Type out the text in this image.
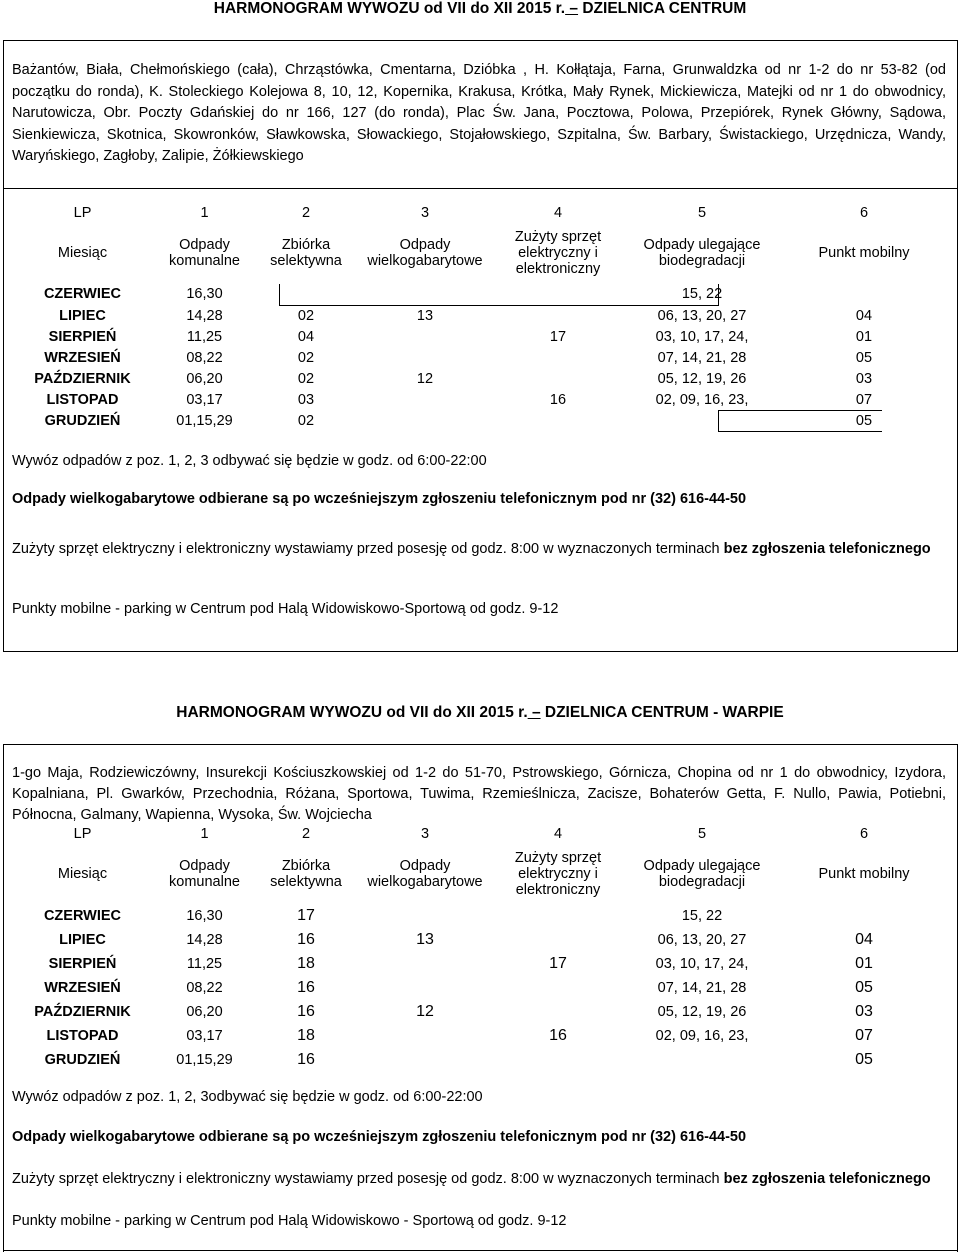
HARMONOGRAM WYWOZU od VII do XII 2015 r. – DZIELNICA CENTRUM
Bażantów, Biała, Chełmońskiego (cała), Chrząstówka, Cmentarna, Dzióbka , H. Kołłątaja, Farna, Grunwaldzka od nr 1-2 do nr 53-82 (od początku do ronda), K. Stoleckiego Kolejowa 8, 10, 12, Kopernika, Krakusa, Krótka, Mały Rynek, Mickiewicza, Matejki od nr 1 do obwodnicy, Narutowicza, Obr. Poczty Gdańskiej do nr 166, 127 (do ronda), Plac Św. Jana, Pocztowa, Polowa, Przepiórek, Rynek Główny, Sądowa, Sienkiewicza, Skotnica, Skowronków, Sławkowska, Słowackiego, Stojałowskiego, Szpitalna, Św. Barbary, Świstackiego, Urzędnicza, Wandy, Waryńskiego, Zagłoby, Zalipie, Żółkiewskiego
LP	1	2	3	4	5	6
Miesiąc	Odpady komunalne	Zbiórka selektywna	Odpady wielkogabarytowe	Zużyty sprzęt elektryczny i elektroniczny	Odpady ulegające biodegradacji	Punkt mobilny
CZERWIEC	16,30				15, 22	
LIPIEC	14,28	02	13		06, 13, 20, 27	04
SIERPIEŃ	11,25	04		17	03, 10, 17, 24,	01
WRZESIEŃ	08,22	02			07, 14, 21, 28	05
PAŹDZIERNIK	06,20	02	12		05, 12, 19, 26	03
LISTOPAD	03,17	03		16	02, 09, 16, 23,	07
GRUDZIEŃ	01,15,29	02				05
Wywóz odpadów z poz. 1, 2, 3 odbywać się będzie w godz. od 6:00-22:00
Odpady wielkogabarytowe odbierane są po wcześniejszym zgłoszeniu telefonicznym pod nr (32) 616-44-50
Zużyty sprzęt elektryczny i elektroniczny wystawiamy przed posesję od godz. 8:00 w wyznaczonych terminach bez zgłoszenia telefonicznego
Punkty mobilne - parking w Centrum pod Halą Widowiskowo-Sportową od godz. 9-12
HARMONOGRAM WYWOZU od VII do XII 2015 r. – DZIELNICA CENTRUM - WARPIE
1-go Maja, Rodziewiczówny, Insurekcji Kościuszkowskiej od 1-2 do 51-70, Pstrowskiego, Górnicza, Chopina od nr 1 do obwodnicy, Izydora, Kopalniana, Pl. Gwarków, Przechodnia, Różana, Sportowa, Tuwima, Rzemieślnicza, Zacisze, Bohaterów Getta, F. Nullo, Pawia, Potiebni, Północna, Galmany, Wapienna, Wysoka, Św. Wojciecha
LP	1	2	3	4	5	6
Miesiąc	Odpady komunalne	Zbiórka selektywna	Odpady wielkogabarytowe	Zużyty sprzęt elektryczny i elektroniczny	Odpady ulegające biodegradacji	Punkt mobilny
CZERWIEC	16,30	17			15, 22	
LIPIEC	14,28	16	13		06, 13, 20, 27	04
SIERPIEŃ	11,25	18		17	03, 10, 17, 24,	01
WRZESIEŃ	08,22	16			07, 14, 21, 28	05
PAŹDZIERNIK	06,20	16	12		05, 12, 19, 26	03
LISTOPAD	03,17	18		16	02, 09, 16, 23,	07
GRUDZIEŃ	01,15,29	16				05
Wywóz odpadów z poz. 1, 2, 3odbywać się będzie w godz. od 6:00-22:00
Odpady wielkogabarytowe odbierane są po wcześniejszym zgłoszeniu telefonicznym pod nr (32) 616-44-50
Zużyty sprzęt elektryczny i elektroniczny wystawiamy przed posesję od godz. 8:00 w wyznaczonych terminach bez zgłoszenia telefonicznego
Punkty mobilne - parking w Centrum pod Halą Widowiskowo - Sportową od godz. 9-12
